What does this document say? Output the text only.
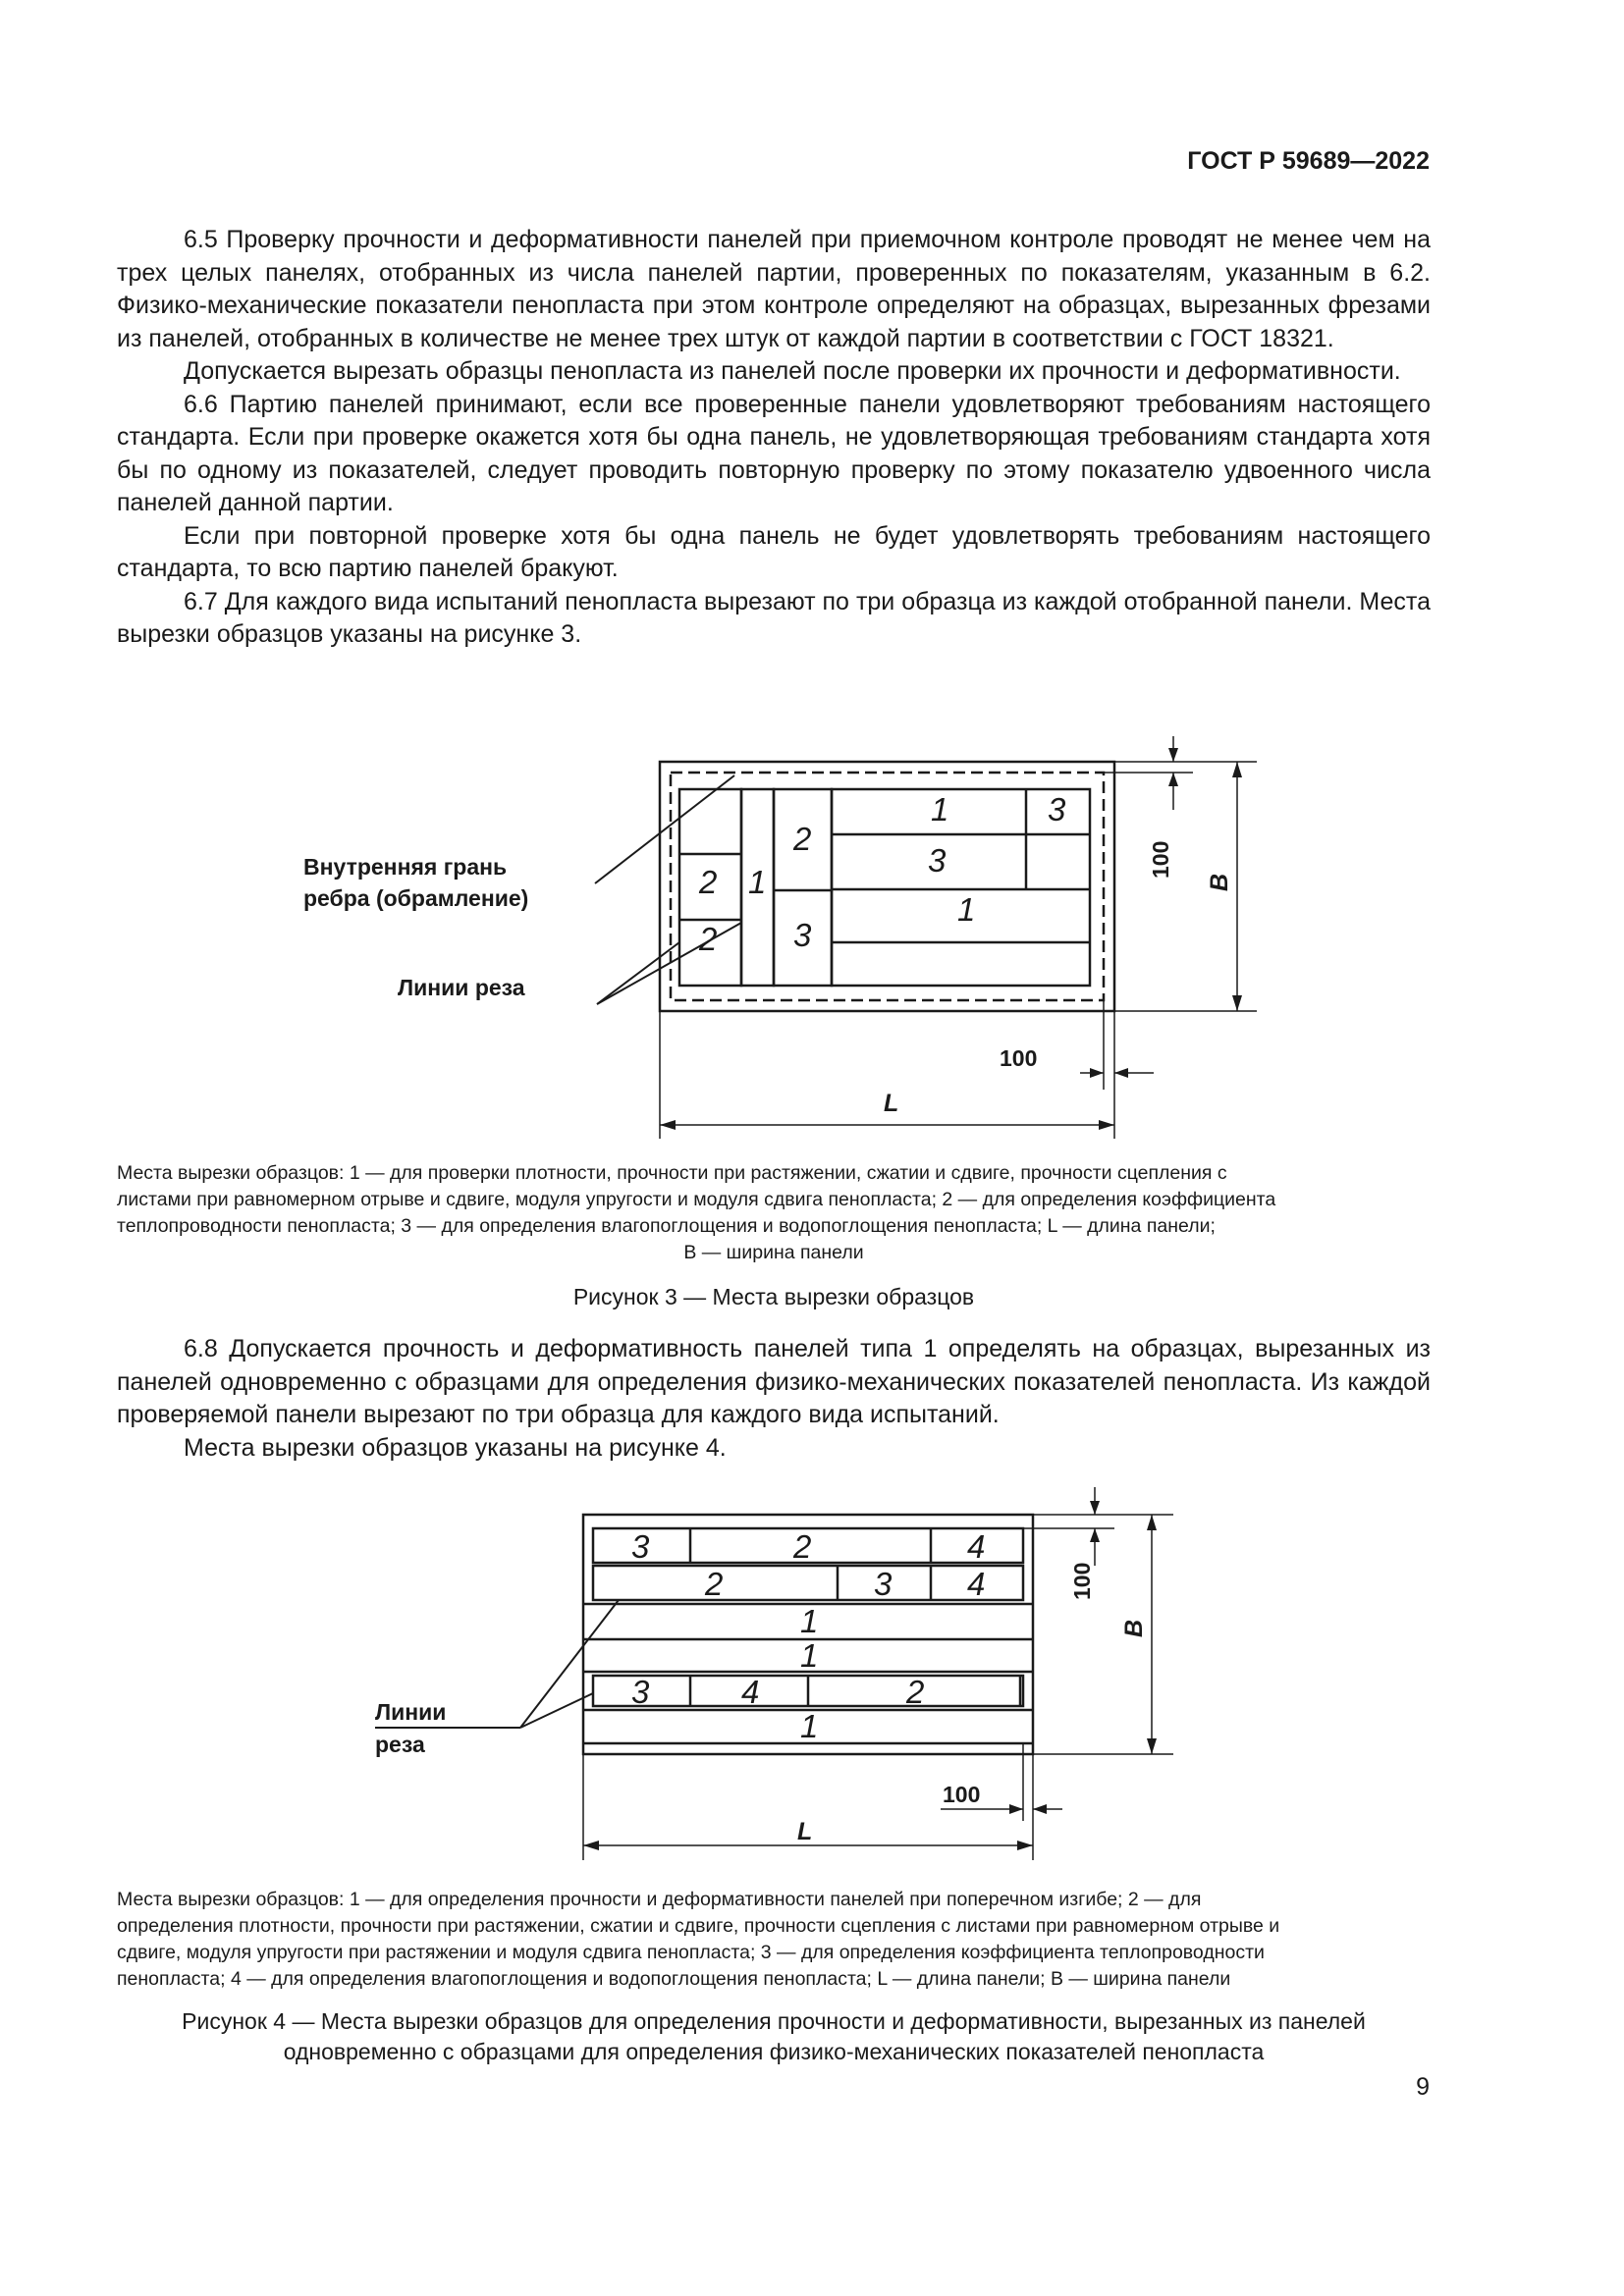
ГОСТ Р 59689—2022

6.5 Проверку прочности и деформативности панелей при приемочном контроле проводят не менее чем на трех целых панелях, отобранных из числа панелей партии, проверенных по показателям, указанным в 6.2. Физико-механические показатели пенопласта при этом контроле определяют на образцах, вырезанных фрезами из панелей, отобранных в количестве не менее трех штук от каждой партии в соответствии с ГОСТ 18321.

Допускается вырезать образцы пенопласта из панелей после проверки их прочности и деформативности.

6.6 Партию панелей принимают, если все проверенные панели удовлетворяют требованиям настоящего стандарта. Если при проверке окажется хотя бы одна панель, не удовлетворяющая требованиям стандарта хотя бы по одному из показателей, следует проводить повторную проверку по этому показателю удвоенного числа панелей данной партии.

Если при повторной проверке хотя бы одна панель не будет удовлетворять требованиям настоящего стандарта, то всю партию панелей бракуют.

6.7 Для каждого вида испытаний пенопласта вырезают по три образца из каждой отобранной панели. Места вырезки образцов указаны на рисунке 3.

1	3
2
3
1
2 1
2 3
Внутренняя грань
ребра (обрамление)
Линии реза
100
L
100
B
Места вырезки образцов: 1 — для проверки плотности, прочности при растяжении, сжатии и сдвиге, прочности сцепления с
листами при равномерном отрыве и сдвиге, модуля упругости и модуля сдвига пенопласта; 2 — для определения коэффициента
теплопроводности пенопласта; 3 — для определения влагопоглощения и водопоглощения пенопласта; L — длина панели;
B — ширина панели
Рисунок 3 — Места вырезки образцов

6.8 Допускается прочность и деформативность панелей типа 1 определять на образцах, вырезанных из панелей одновременно с образцами для определения физико-механических показателей пенопласта. Из каждой проверяемой панели вырезают по три образца для каждого вида испытаний.

Места вырезки образцов указаны на рисунке 4.

3	2	4
2	3 4
1
1
3	4	2
1
Линии
реза
100
L
100
B
Места вырезки образцов: 1 — для определения прочности и деформативности панелей при поперечном изгибе; 2 — для
определения плотности, прочности при растяжении, сжатии и сдвиге, прочности сцепления с листами при равномерном отрыве и
сдвиге, модуля упругости при растяжении и модуля сдвига пенопласта; 3 — для определения коэффициента теплопроводности
пенопласта; 4 — для определения влагопоглощения и водопоглощения пенопласта; L — длина панели; B — ширина панели
Рисунок 4 — Места вырезки образцов для определения прочности и деформативности, вырезанных из панелей
одновременно с образцами для определения физико-механических показателей пенопласта
9
